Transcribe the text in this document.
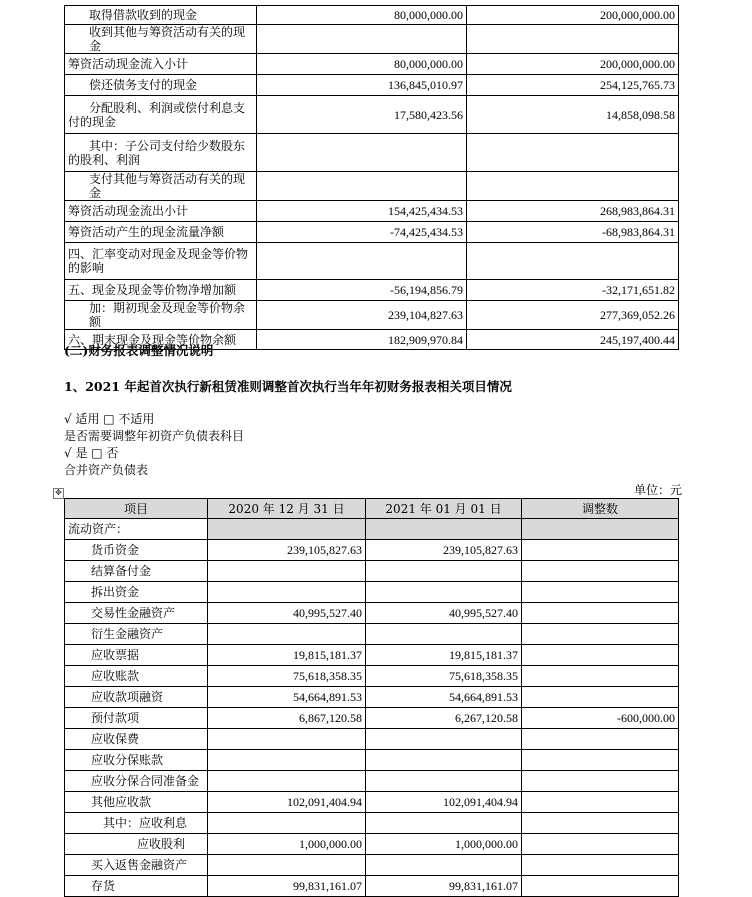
取得借款收到的现金	80,000,000.00	200,000,000.00
收到其他与筹资活动有关的现金		
筹资活动现金流入小计	80,000,000.00	200,000,000.00
偿还债务支付的现金	136,845,010.97	254,125,765.73
分配股利、利润或偿付利息支付的现金	17,580,423.56	14,858,098.58
其中：子公司支付给少数股东的股利、利润		
支付其他与筹资活动有关的现金		
筹资活动现金流出小计	154,425,434.53	268,983,864.31
筹资活动产生的现金流量净额	-74,425,434.53	-68,983,864.31
四、汇率变动对现金及现金等价物的影响		
五、现金及现金等价物净增加额	-56,194,856.79	-32,171,651.82
加：期初现金及现金等价物余额	239,104,827.63	277,369,052.26
六、期末现金及现金等价物余额	182,909,970.84	245,197,400.44
(二)财务报表调整情况说明
1、2021 年起首次执行新租赁准则调整首次执行当年年初财务报表相关项目情况
√ 适用 □ 不适用
是否需要调整年初资产负债表科目
√ 是 □ 否
合并资产负债表
单位：元
✥
项目	2020 年 12 月 31 日	2021 年 01 月 01 日	调整数
流动资产：			
货币资金	239,105,827.63	239,105,827.63	
结算备付金			
拆出资金			
交易性金融资产	40,995,527.40	40,995,527.40	
衍生金融资产			
应收票据	19,815,181.37	19,815,181.37	
应收账款	75,618,358.35	75,618,358.35	
应收款项融资	54,664,891.53	54,664,891.53	
预付款项	6,867,120.58	6,267,120.58	-600,000.00
应收保费			
应收分保账款			
应收分保合同准备金			
其他应收款	102,091,404.94	102,091,404.94	
其中：应收利息			
应收股利	1,000,000.00	1,000,000.00	
买入返售金融资产			
存货	99,831,161.07	99,831,161.07	
